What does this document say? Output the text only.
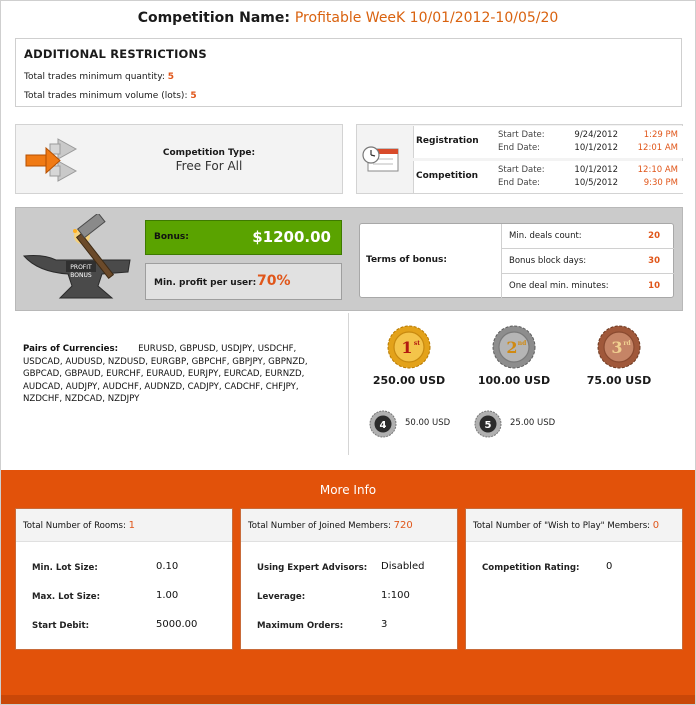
Competition Name: Profitable WeeK 10/01/2012-10/05/20
ADDITIONAL RESTRICTIONS
Total trades minimum quantity: 5
Total trades minimum volume (lots): 5
Competition Type:
Free For All
Registration
Start Date:	9/24/2012	1:29 PM
End Date:	10/1/2012	12:01 AM
Competition
Start Date:	10/1/2012	12:10 AM
End Date:	10/5/2012	9:30 PM
PROFIT
BONUS
Bonus:	$1200.00
Min. profit per user: 70%
Terms of bonus:
Min. deals count:	20
Bonus block days:	30
One deal min. minutes:	10
Pairs of Currencies: EURUSD, GBPUSD, USDJPY, USDCHF, USDCAD, AUDUSD, NZDUSD, EURGBP, GBPCHF, GBPJPY, GBPNZD, GBPCAD, GBPAUD, EURCHF, EURAUD, EURJPY, EURCAD, EURNZD, AUDCAD, AUDJPY, AUDCHF, AUDNZD, CADJPY, CADCHF, CHFJPY, NZDCHF, NZDCAD, NZDJPY
1 st
250.00 USD
2 nd
100.00 USD
3 rd
75.00 USD
4 50.00 USD	5 25.00 USD
More Info
Total Number of Rooms: 1
Min. Lot Size:	0.10
Max. Lot Size:	1.00
Start Debit:	5000.00
Total Number of Joined Members: 720
Using Expert Advisors: Disabled
Leverage:	1:100
Maximum Orders:	3
Total Number of "Wish to Play" Members: 0
Competition Rating:	0
